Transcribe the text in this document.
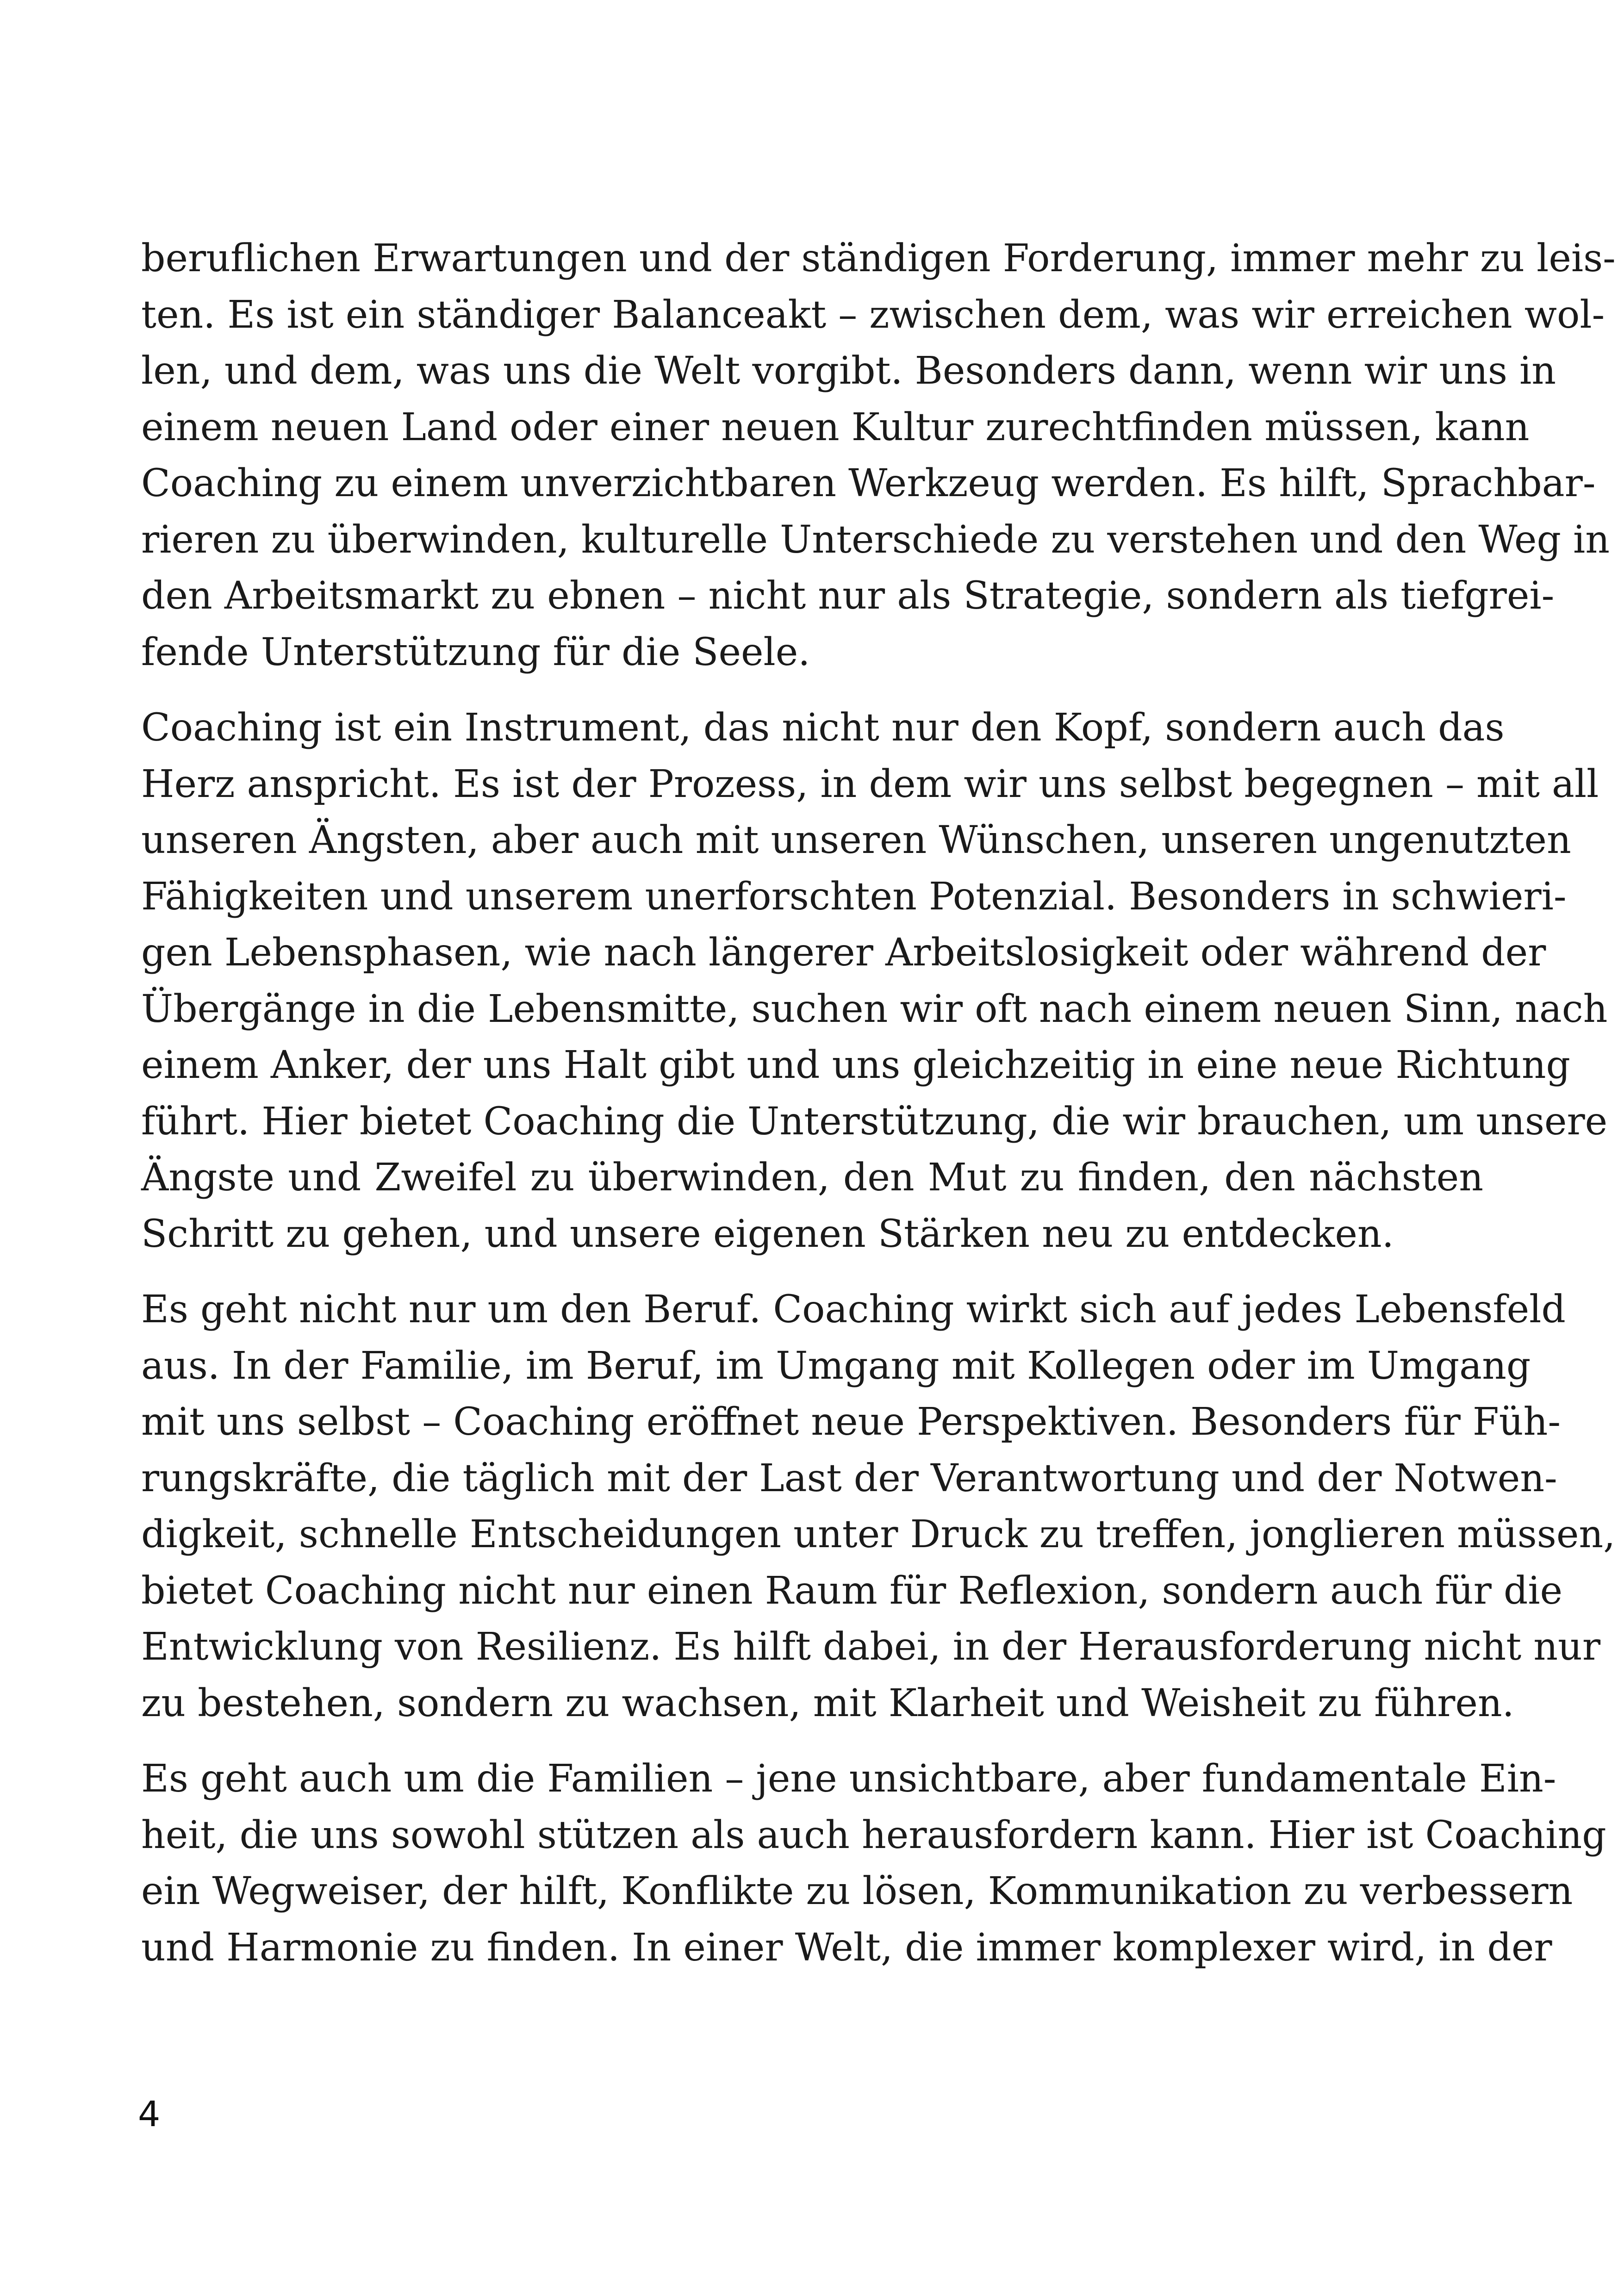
beruflichen Erwartungen und der ständigen Forderung, immer mehr zu leis-
ten. Es ist ein ständiger Balanceakt – zwischen dem, was wir erreichen wol-
len, und dem, was uns die Welt vorgibt. Besonders dann, wenn wir uns in
einem neuen Land oder einer neuen Kultur zurechtfinden müssen, kann
Coaching zu einem unverzichtbaren Werkzeug werden. Es hilft, Sprachbar-
rieren zu überwinden, kulturelle Unterschiede zu verstehen und den Weg in
den Arbeitsmarkt zu ebnen – nicht nur als Strategie, sondern als tiefgrei-
fende Unterstützung für die Seele.
Coaching ist ein Instrument, das nicht nur den Kopf, sondern auch das
Herz anspricht. Es ist der Prozess, in dem wir uns selbst begegnen – mit all
unseren Ängsten, aber auch mit unseren Wünschen, unseren ungenutzten
Fähigkeiten und unserem unerforschten Potenzial. Besonders in schwieri-
gen Lebensphasen, wie nach längerer Arbeitslosigkeit oder während der
Übergänge in die Lebensmitte, suchen wir oft nach einem neuen Sinn, nach
einem Anker, der uns Halt gibt und uns gleichzeitig in eine neue Richtung
führt. Hier bietet Coaching die Unterstützung, die wir brauchen, um unsere
Ängste und Zweifel zu überwinden, den Mut zu finden, den nächsten
Schritt zu gehen, und unsere eigenen Stärken neu zu entdecken.
Es geht nicht nur um den Beruf. Coaching wirkt sich auf jedes Lebensfeld
aus. In der Familie, im Beruf, im Umgang mit Kollegen oder im Umgang
mit uns selbst – Coaching eröffnet neue Perspektiven. Besonders für Füh-
rungskräfte, die täglich mit der Last der Verantwortung und der Notwen-
digkeit, schnelle Entscheidungen unter Druck zu treffen, jonglieren müssen,
bietet Coaching nicht nur einen Raum für Reflexion, sondern auch für die
Entwicklung von Resilienz. Es hilft dabei, in der Herausforderung nicht nur
zu bestehen, sondern zu wachsen, mit Klarheit und Weisheit zu führen.
Es geht auch um die Familien – jene unsichtbare, aber fundamentale Ein-
heit, die uns sowohl stützen als auch herausfordern kann. Hier ist Coaching
ein Wegweiser, der hilft, Konflikte zu lösen, Kommunikation zu verbessern
und Harmonie zu finden. In einer Welt, die immer komplexer wird, in der
4
